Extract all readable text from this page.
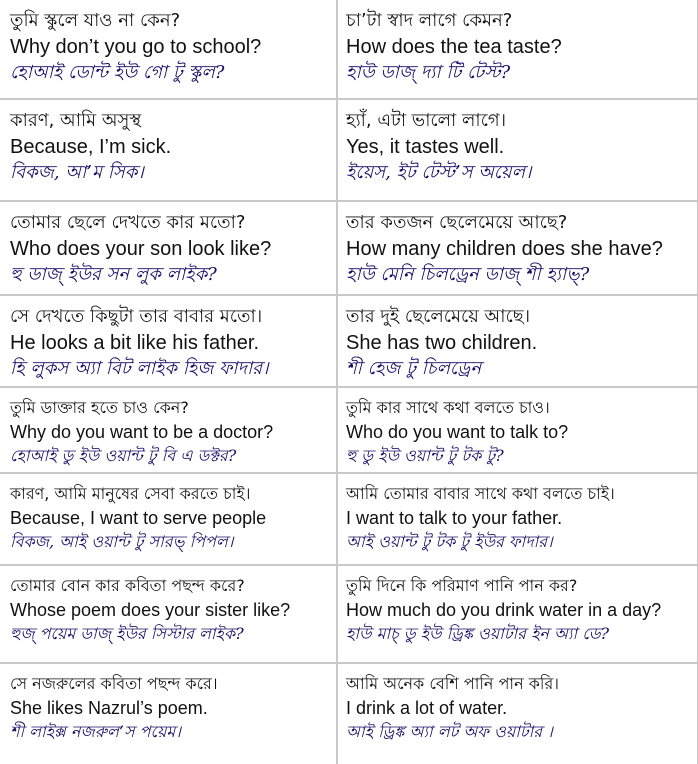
তুমি স্কুলে যাও না কেন?
Why don’t you go to school?
হোআই ডোন্ট ইউ গো টু স্কুল?
চা’টা স্বাদ লাগে কেমন?
How does the tea taste?
হাউ ডাজ্ দ্যা টি টেস্ট?
কারণ, আমি অসুস্থ
Because, I’m sick.
বিকজ, আ’ম সিক।
হ্যাঁ, এটা ভালো লাগে।
Yes, it tastes well.
ইয়েস, ইট টেস্ট’স অয়েল।
তোমার ছেলে দেখতে কার মতো?
Who does your son look like?
হু ডাজ্ ইউর সন লুক লাইক?
তার কতজন ছেলেমেয়ে আছে?
How many children does she have?
হাউ মেনি চিলড্রেন ডাজ্ শী হ্যাভ্?
সে দেখতে কিছুটা তার বাবার মতো।
He looks a bit like his father.
হি লুকস অ্যা বিট লাইক হিজ ফাদার।
তার দুই ছেলেমেয়ে আছে।
She has two children.
শী হেজ টু চিলড্রেন
তুমি ডাক্তার হতে চাও কেন?
Why do you want to be a doctor?
হোআই ডু ইউ ওয়ান্ট টু বি এ ডক্টর?
তুমি কার সাথে কথা বলতে চাও।
Who do you want to talk to?
হু ডু ইউ ওয়ান্ট টু টক টু?
কারণ, আমি মানুষের সেবা করতে চাই।
Because, I want to serve people
বিকজ, আই ওয়ান্ট টু সারভ্ পিপল।
আমি তোমার বাবার সাথে কথা বলতে চাই।
I want to talk to your father.
আই ওয়ান্ট টু টক টু ইউর ফাদার।
তোমার বোন কার কবিতা পছন্দ করে?
Whose poem does your sister like?
হুজ্ পয়েম ডাজ্ ইউর সিস্টার লাইক?
তুমি দিনে কি পরিমাণ পানি পান কর?
How much do you drink water in a day?
হাউ মাচ্ ডু ইউ ড্রিঙ্ক ওয়াটার ইন অ্যা ডে?
সে নজরুলের কবিতা পছন্দ করে।
She likes Nazrul’s poem.
শী লাইক্স নজরুল’স পয়েম।
আমি অনেক বেশি পানি পান করি।
I drink a lot of water.
আই ড্রিঙ্ক অ্যা লট অফ ওয়াটার ।
